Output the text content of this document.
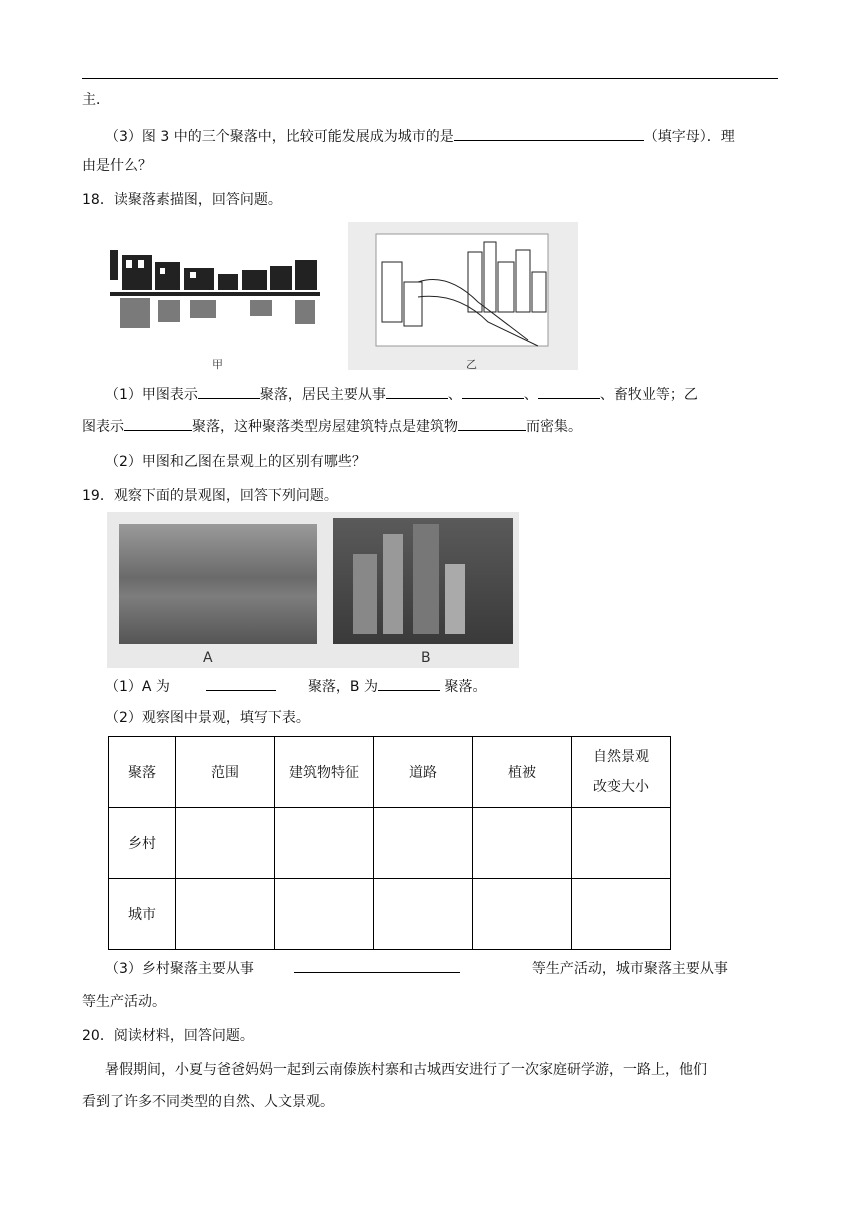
主．
（3）图 3 中的三个聚落中，比较可能发展成为城市的是	（填字母）．理
由是什么？
18．读聚落素描图，回答问题。
甲	乙
（1）甲图表示	聚落，居民主要从事	、	、	、畜牧业等；乙
图表示	聚落，这种聚落类型房屋建筑特点是建筑物	而密集。
（2）甲图和乙图在景观上的区别有哪些？
19．观察下面的景观图，回答下列问题。
A	B
（1）A 为	聚落，B 为	聚落。
（2）观察图中景观，填写下表。
聚落	范围	建筑物特征	道路	植被	自然景观
改变大小
乡村					
城市					
（3）乡村聚落主要从事	等生产活动，城市聚落主要从事
等生产活动。
20．阅读材料，回答问题。
暑假期间，小夏与爸爸妈妈一起到云南傣族村寨和古城西安进行了一次家庭研学游，一路上，他们
看到了许多不同类型的自然、人文景观。
